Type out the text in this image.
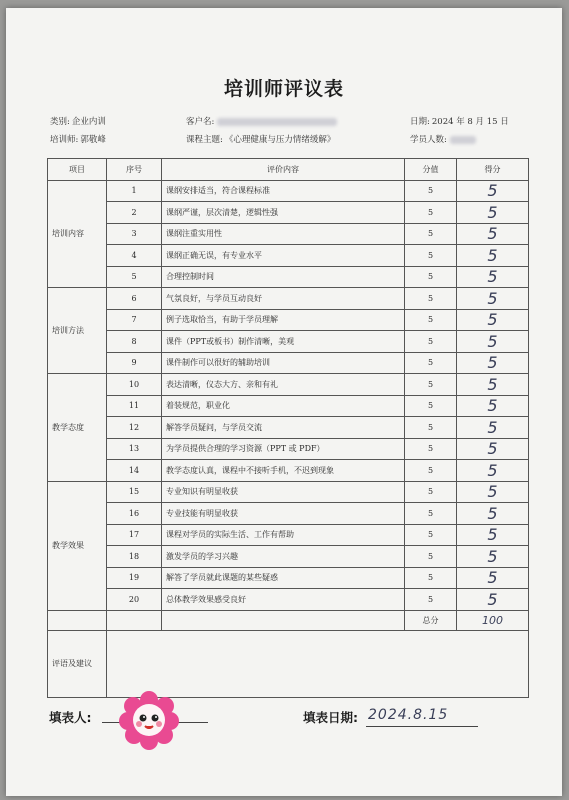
培训师评议表
类别: 企业内训	客户名:	日期: 2024 年 8 月 15 日
培训师: 郭敬峰	课程主题: 《心理健康与压力情绪缓解》	学员人数:
项目	序号	评价内容	分值	得分
培训内容	1	课纲安排适当，符合课程标准	5	5
	2	课纲严谨，层次清楚，逻辑性强	5	5
	3	课纲注重实用性	5	5
	4	课纲正确无误，有专业水平	5	5
	5	合理控制时间	5	5
培训方法	6	气氛良好，与学员互动良好	5	5
	7	例子选取恰当，有助于学员理解	5	5
	8	课件（PPT或板书）制作清晰，美观	5	5
	9	课件制作可以很好的辅助培训	5	5
教学态度	10	表达清晰，仪态大方、亲和有礼	5	5
	11	着装规范，职业化	5	5
	12	解答学员疑问，与学员交流	5	5
	13	为学员提供合理的学习资源（PPT 或 PDF）	5	5
	14	教学态度认真，课程中不接听手机，不迟到现象	5	5
教学效果	15	专业知识有明显收获	5	5
	16	专业技能有明显收获	5	5
	17	课程对学员的实际生活、工作有帮助	5	5
	18	激发学员的学习兴趣	5	5
	19	解答了学员就此课题的某些疑惑	5	5
	20	总体教学效果感受良好	5	5
			总分	100
评语及建议				
填表人:	填表日期: 2024.8.15
